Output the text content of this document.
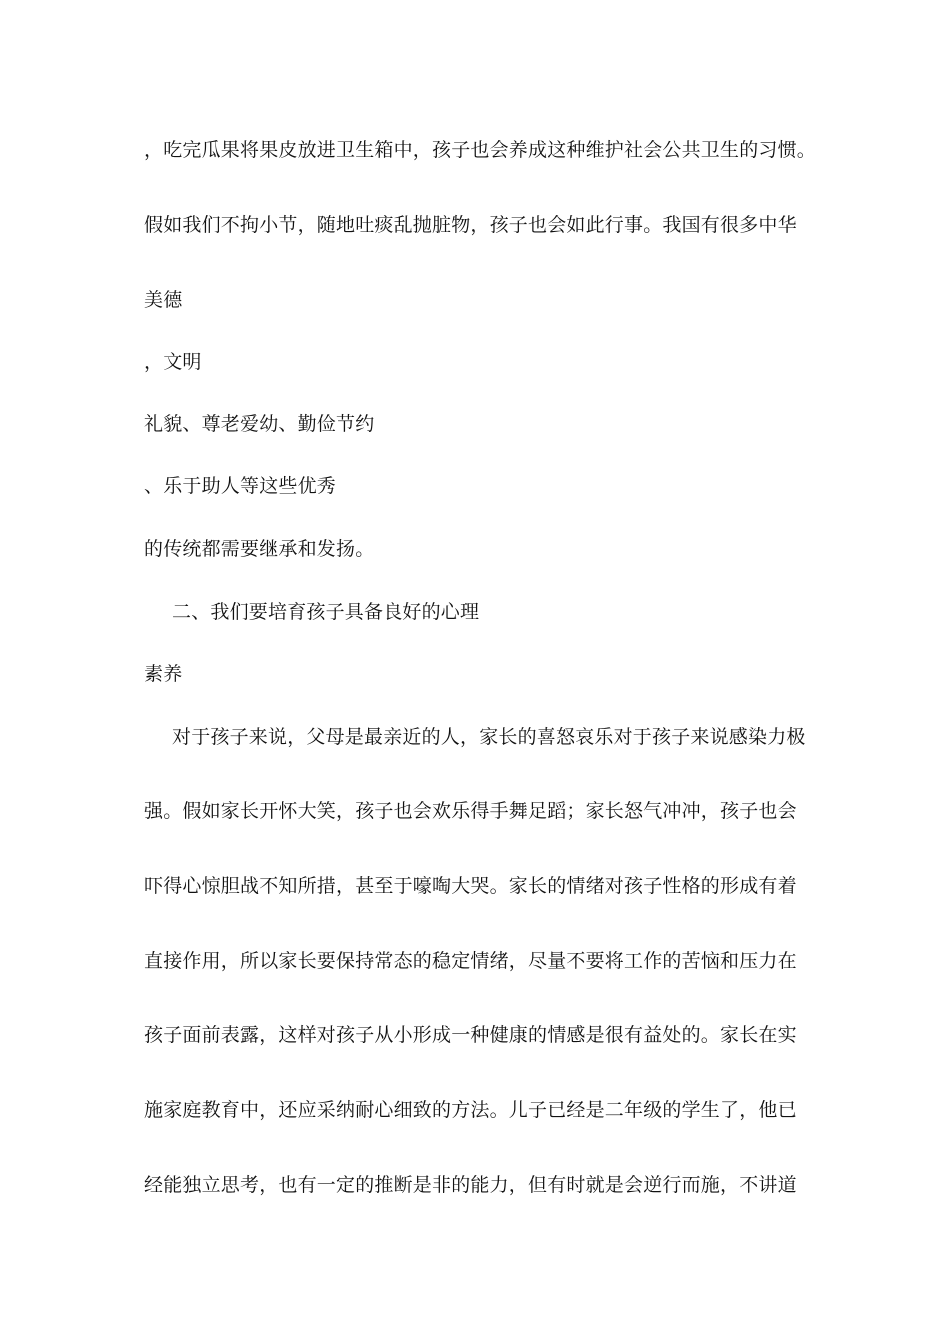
，吃完瓜果将果皮放进卫生箱中，孩子也会养成这种维护社会公共卫生的习惯。
假如我们不拘小节，随地吐痰乱抛脏物，孩子也会如此行事。我国有很多中华
美德
，文明
礼貌、尊老爱幼、勤俭节约
、乐于助人等这些优秀
的传统都需要继承和发扬。
二、我们要培育孩子具备良好的心理
素养
对于孩子来说，父母是最亲近的人，家长的喜怒哀乐对于孩子来说感染力极
强。假如家长开怀大笑，孩子也会欢乐得手舞足蹈；家长怒气冲冲，孩子也会
吓得心惊胆战不知所措，甚至于嚎啕大哭。家长的情绪对孩子性格的形成有着
直接作用，所以家长要保持常态的稳定情绪，尽量不要将工作的苦恼和压力在
孩子面前表露，这样对孩子从小形成一种健康的情感是很有益处的。家长在实
施家庭教育中，还应采纳耐心细致的方法。儿子已经是二年级的学生了，他已
经能独立思考，也有一定的推断是非的能力，但有时就是会逆行而施，不讲道
